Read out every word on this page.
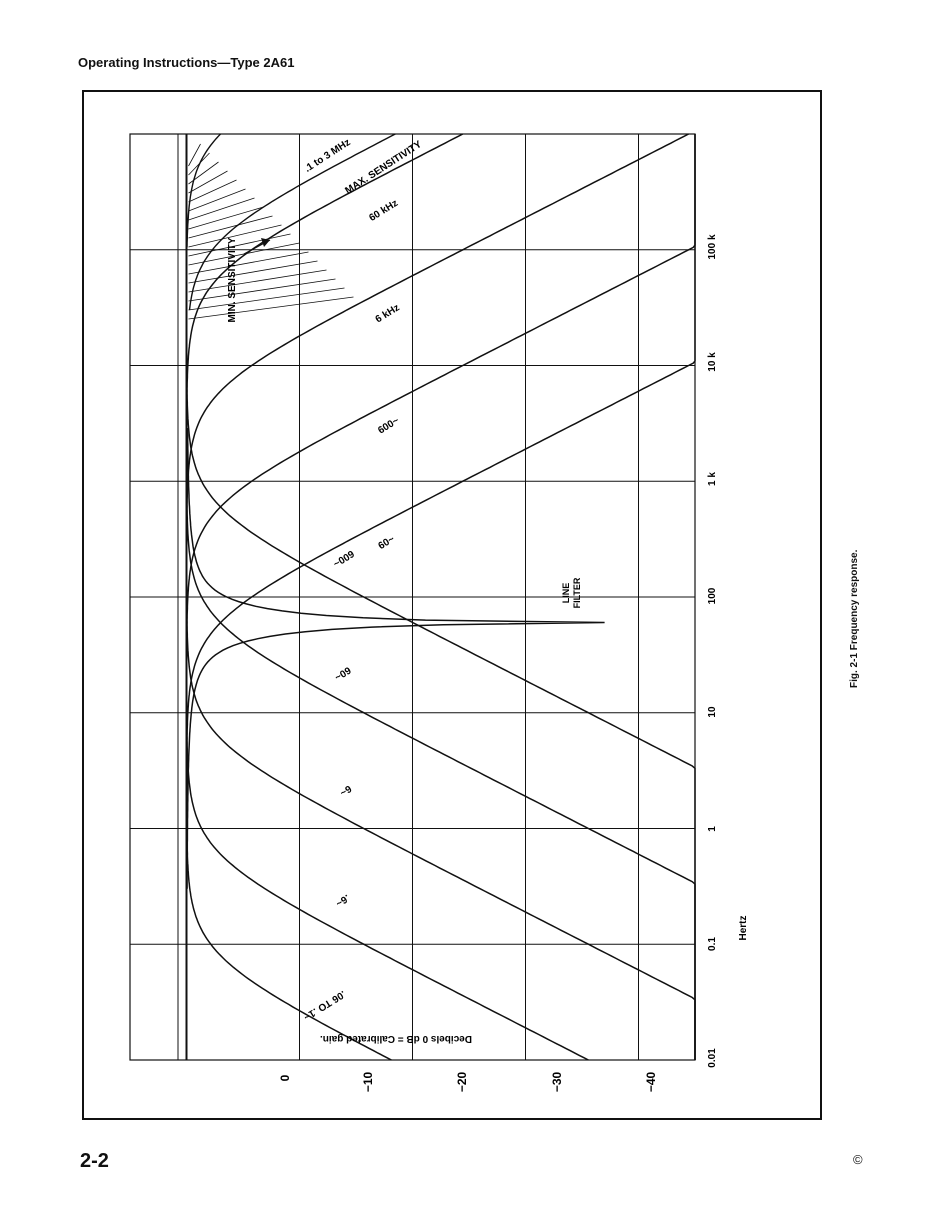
Operating Instructions—Type 2A61
0	−10	−20	−30	−40
0.01
0.1
1
10
100
1 k
10 k
100 k
Hertz
Decibels 0 dB = Calibrated gain.
MIN. SENSITIVITY
MAX. SENSITIVITY
.1 to 3 MHz
LINE FILTER
.06 TO .1~
.6~
6~
60~
600~
60~
600~
6 kHz
60 kHz
Fig. 2-1 Frequency response.
2-2	©
